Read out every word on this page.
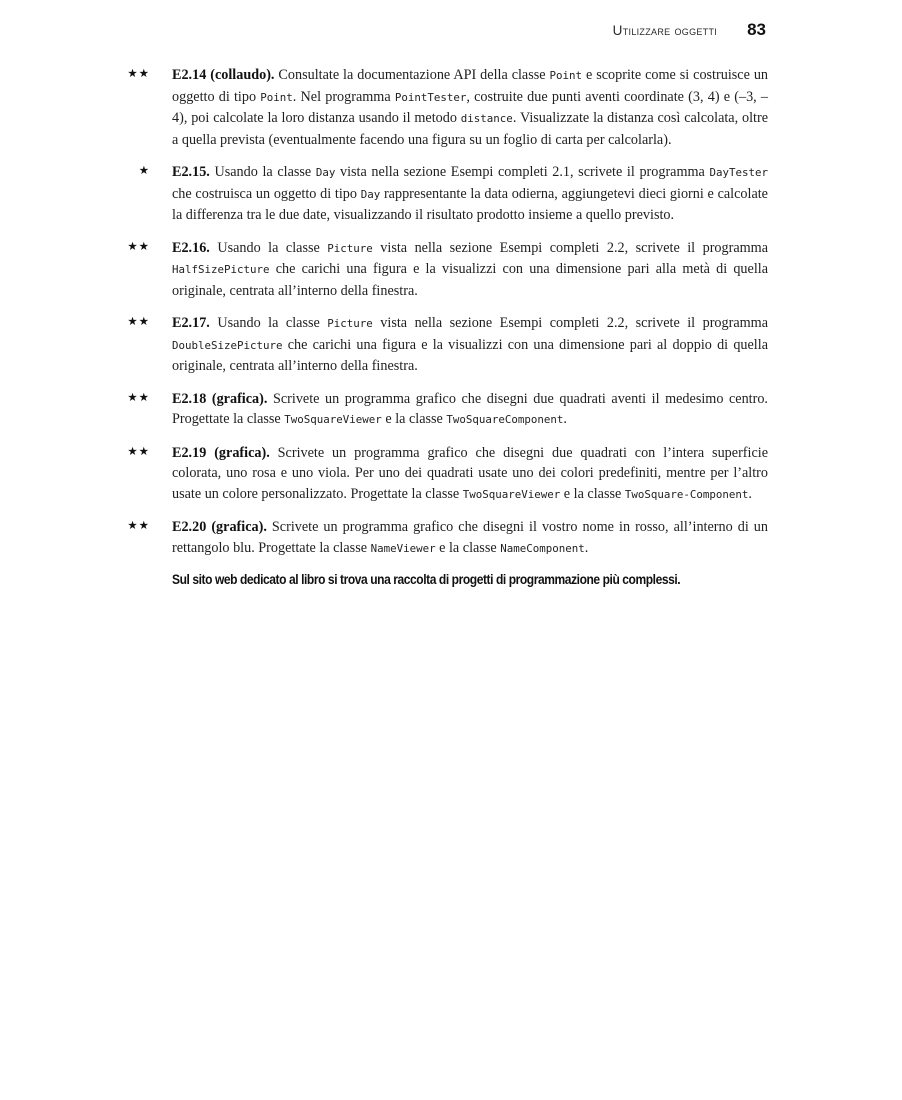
Utilizzare oggetti 83
★★ E2.14 (collaudo). Consultate la documentazione API della classe Point e scoprite come si costruisce un oggetto di tipo Point. Nel programma PointTester, costruite due punti aventi coordinate (3, 4) e (–3, –4), poi calcolate la loro distanza usando il metodo distance. Visualizzate la distanza così calcolata, oltre a quella prevista (eventualmente facendo una figura su un foglio di carta per calcolarla).
★ E2.15. Usando la classe Day vista nella sezione Esempi completi 2.1, scrivete il programma DayTester che costruisca un oggetto di tipo Day rappresentante la data odierna, aggiungetevi dieci giorni e calcolate la differenza tra le due date, visualizzando il risultato prodotto insieme a quello previsto.
★★ E2.16. Usando la classe Picture vista nella sezione Esempi completi 2.2, scrivete il programma HalfSizePicture che carichi una figura e la visualizzi con una dimensione pari alla metà di quella originale, centrata all’interno della finestra.
★★ E2.17. Usando la classe Picture vista nella sezione Esempi completi 2.2, scrivete il programma DoubleSizePicture che carichi una figura e la visualizzi con una dimensione pari al doppio di quella originale, centrata all’interno della finestra.
★★ E2.18 (grafica). Scrivete un programma grafico che disegni due quadrati aventi il medesimo centro. Progettate la classe TwoSquareViewer e la classe TwoSquareComponent.
★★ E2.19 (grafica). Scrivete un programma grafico che disegni due quadrati con l’intera superficie colorata, uno rosa e uno viola. Per uno dei quadrati usate uno dei colori predefiniti, mentre per l’altro usate un colore personalizzato. Progettate la classe TwoSquareViewer e la classe TwoSquare-Component.
★★ E2.20 (grafica). Scrivete un programma grafico che disegni il vostro nome in rosso, all’interno di un rettangolo blu. Progettate la classe NameViewer e la classe NameComponent.
Sul sito web dedicato al libro si trova una raccolta di progetti di programmazione più complessi.
